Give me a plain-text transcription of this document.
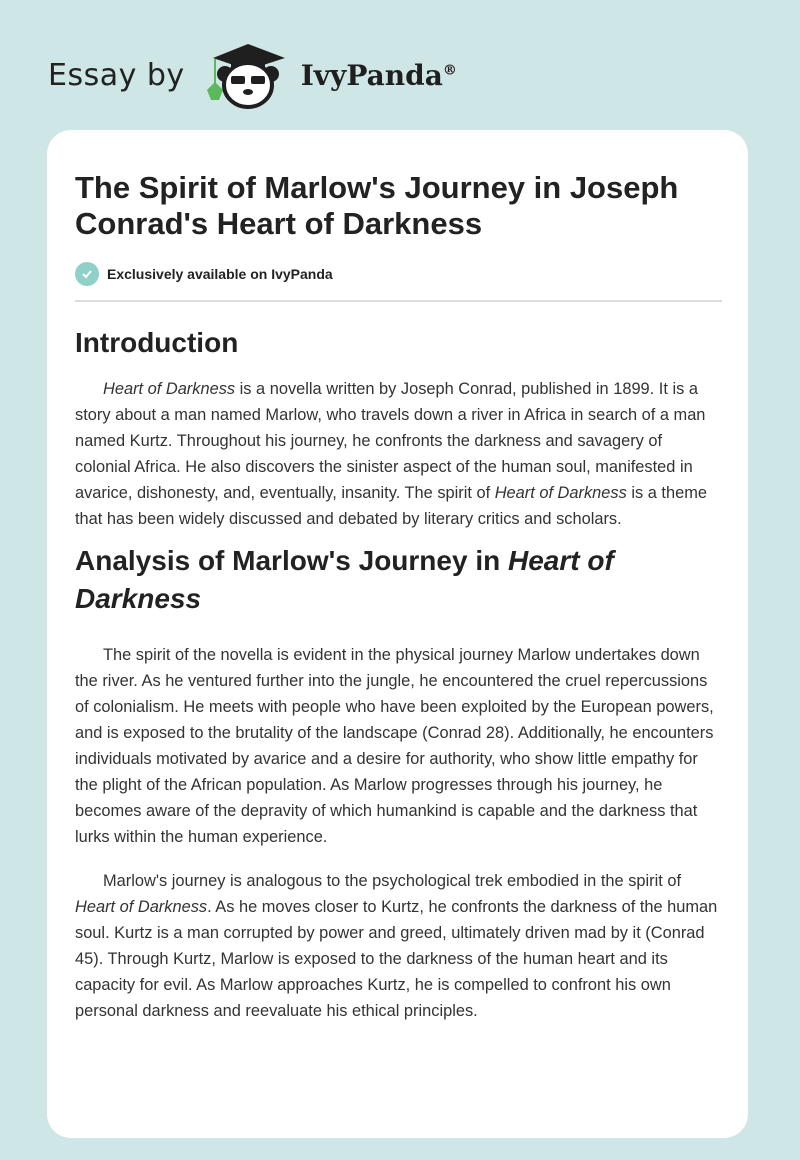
Essay by	IvyPanda®
The Spirit of Marlow's Journey in Joseph Conrad's Heart of Darkness
Exclusively available on IvyPanda
Introduction

Heart of Darkness is a novella written by Joseph Conrad, published in 1899. It is a story about a man named Marlow, who travels down a river in Africa in search of a man named Kurtz. Throughout his journey, he confronts the darkness and savagery of colonial Africa. He also discovers the sinister aspect of the human soul, manifested in avarice, dishonesty, and, eventually, insanity. The spirit of Heart of Darkness is a theme that has been widely discussed and debated by literary critics and scholars.

Analysis of Marlow's Journey in Heart of Darkness

The spirit of the novella is evident in the physical journey Marlow undertakes down the river. As he ventured further into the jungle, he encountered the cruel repercussions of colonialism. He meets with people who have been exploited by the European powers, and is exposed to the brutality of the landscape (Conrad 28). Additionally, he encounters individuals motivated by avarice and a desire for authority, who show little empathy for the plight of the African population. As Marlow progresses through his journey, he becomes aware of the depravity of which humankind is capable and the darkness that lurks within the human experience.

Marlow's journey is analogous to the psychological trek embodied in the spirit of Heart of Darkness. As he moves closer to Kurtz, he confronts the darkness of the human soul. Kurtz is a man corrupted by power and greed, ultimately driven mad by it (Conrad 45). Through Kurtz, Marlow is exposed to the darkness of the human heart and its capacity for evil. As Marlow approaches Kurtz, he is compelled to confront his own personal darkness and reevaluate his ethical principles.
